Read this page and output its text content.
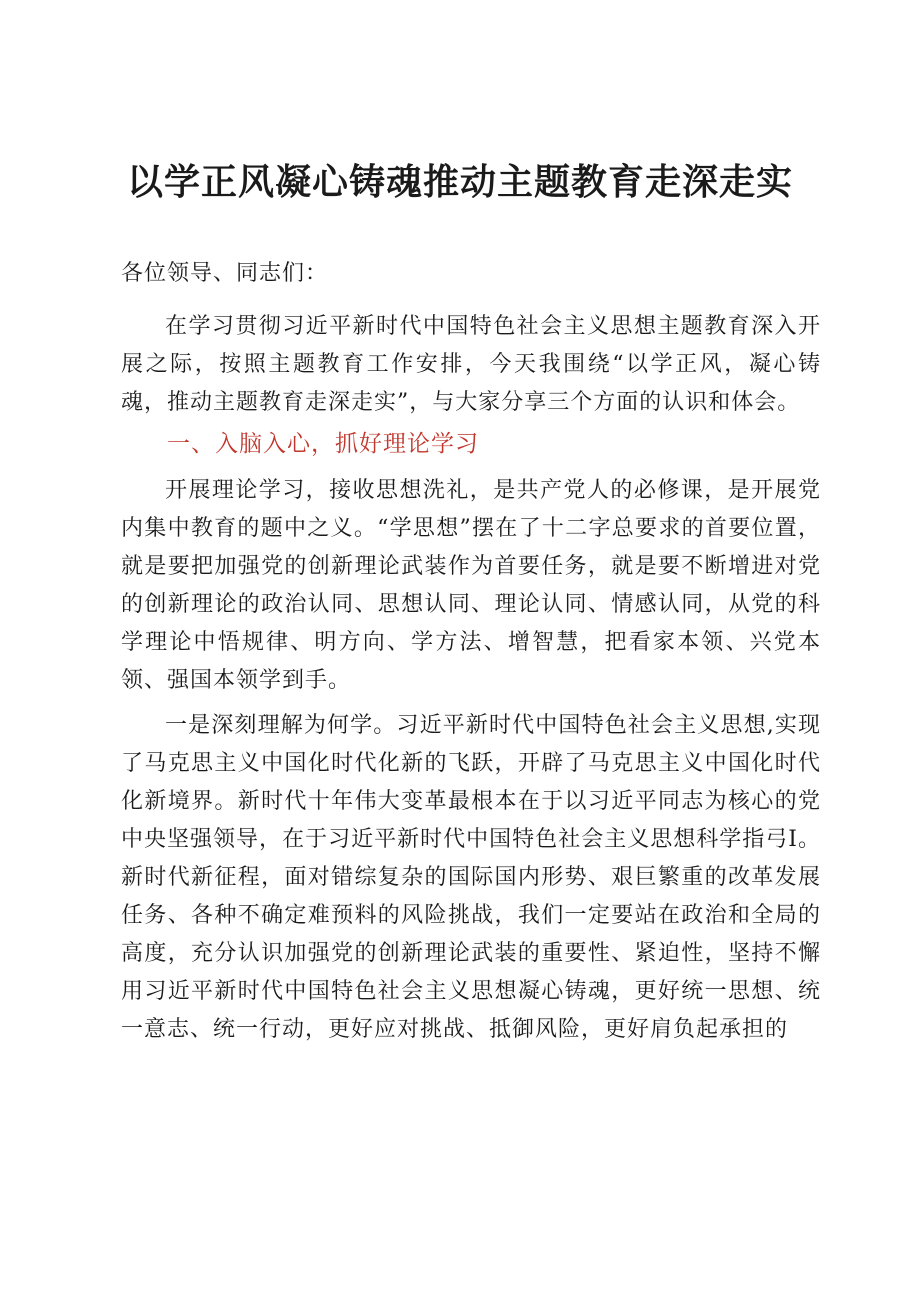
以学正风凝心铸魂推动主题教育走深走实

各位领导、同志们：

在学习贯彻习近平新时代中国特色社会主义思想主题教育深入开展之际，按照主题教育工作安排，今天我围绕“以学正风，凝心铸魂，推动主题教育走深走实”，与大家分享三个方面的认识和体会。

一、入脑入心，抓好理论学习

开展理论学习，接收思想洗礼，是共产党人的必修课，是开展党内集中教育的题中之义。“学思想”摆在了十二字总要求的首要位置，就是要把加强党的创新理论武装作为首要任务，就是要不断增进对党的创新理论的政治认同、思想认同、理论认同、情感认同，从党的科学理论中悟规律、明方向、学方法、增智慧，把看家本领、兴党本领、强国本领学到手。

一是深刻理解为何学。习近平新时代中国特色社会主义思想,实现了马克思主义中国化时代化新的飞跃，开辟了马克思主义中国化时代化新境界。新时代十年伟大变革最根本在于以习近平同志为核心的党中央坚强领导，在于习近平新时代中国特色社会主义思想科学指弓I。新时代新征程，面对错综复杂的国际国内形势、艰巨繁重的改革发展任务、各种不确定难预料的风险挑战，我们一定要站在政治和全局的高度，充分认识加强党的创新理论武装的重要性、紧迫性，坚持不懈用习近平新时代中国特色社会主义思想凝心铸魂，更好统一思想、统一意志、统一行动，更好应对挑战、抵御风险，更好肩负起承担的
